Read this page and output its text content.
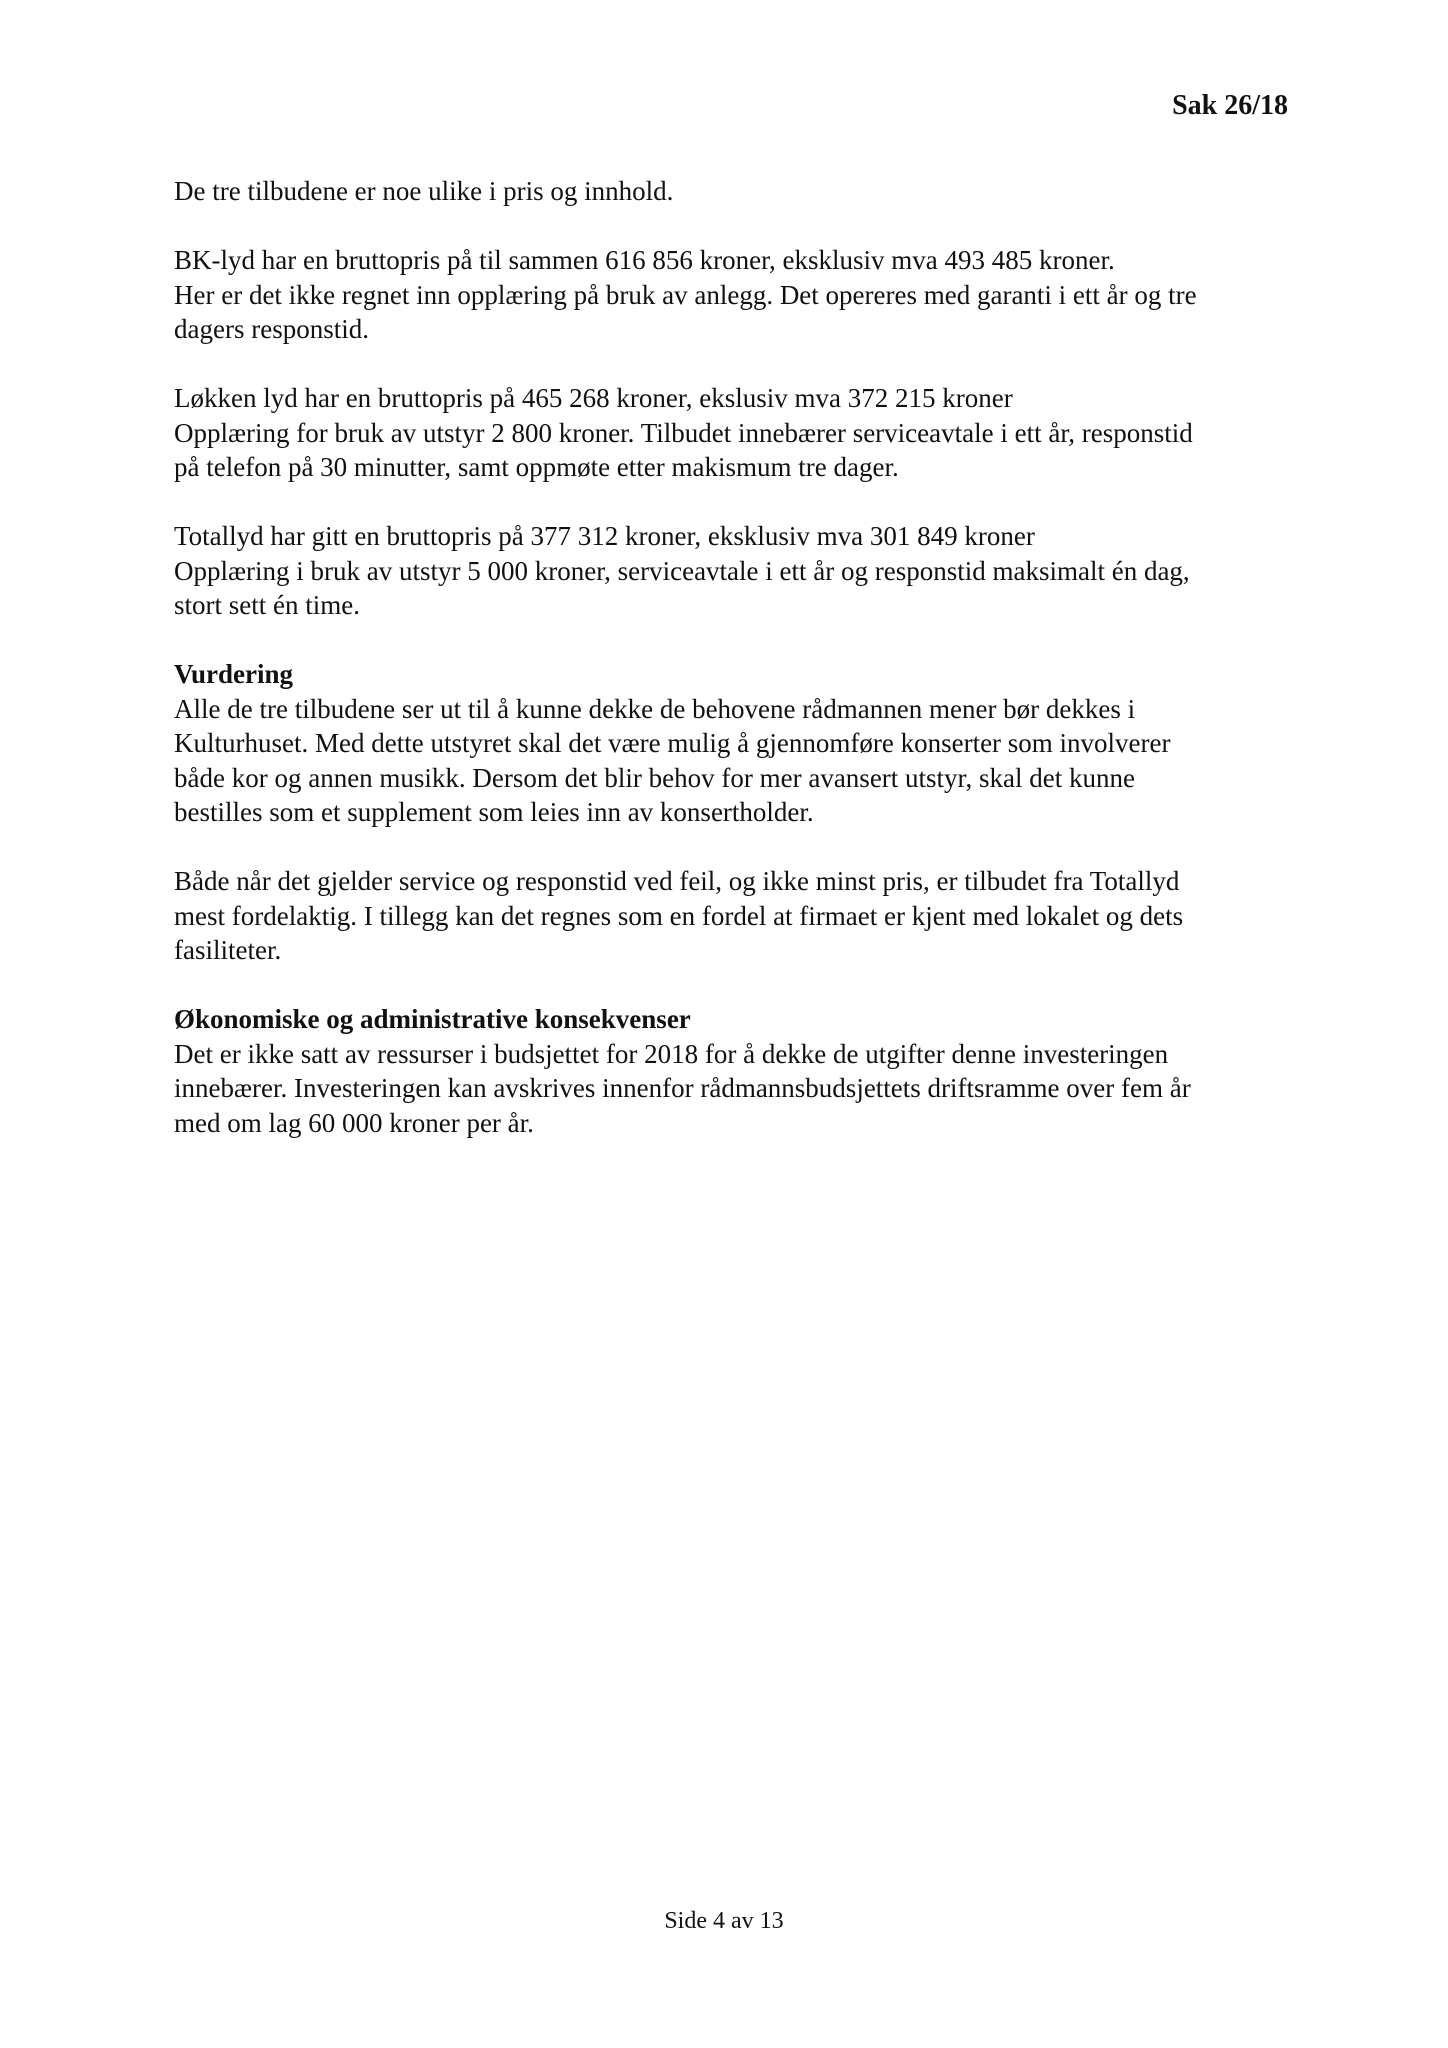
Sak 26/18

De tre tilbudene er noe ulike i pris og innhold.

BK-lyd har en bruttopris på til sammen 616 856 kroner, eksklusiv mva 493 485 kroner.
Her er det ikke regnet inn opplæring på bruk av anlegg. Det opereres med garanti i ett år og tre
dagers responstid.

Løkken lyd har en bruttopris på 465 268 kroner, ekslusiv mva 372 215 kroner
Opplæring for bruk av utstyr 2 800 kroner. Tilbudet innebærer serviceavtale i ett år, responstid
på telefon på 30 minutter, samt oppmøte etter makismum tre dager.

Totallyd har gitt en bruttopris på 377 312 kroner, eksklusiv mva 301 849 kroner
Opplæring i bruk av utstyr 5 000 kroner, serviceavtale i ett år og responstid maksimalt én dag,
stort sett én time.

Vurdering

Alle de tre tilbudene ser ut til å kunne dekke de behovene rådmannen mener bør dekkes i
Kulturhuset. Med dette utstyret skal det være mulig å gjennomføre konserter som involverer
både kor og annen musikk. Dersom det blir behov for mer avansert utstyr, skal det kunne
bestilles som et supplement som leies inn av konsertholder.

Både når det gjelder service og responstid ved feil, og ikke minst pris, er tilbudet fra Totallyd
mest fordelaktig. I tillegg kan det regnes som en fordel at firmaet er kjent med lokalet og dets
fasiliteter.

Økonomiske og administrative konsekvenser

Det er ikke satt av ressurser i budsjettet for 2018 for å dekke de utgifter denne investeringen
innebærer. Investeringen kan avskrives innenfor rådmannsbudsjettets driftsramme over fem år
med om lag 60 000 kroner per år.

Side 4 av 13
